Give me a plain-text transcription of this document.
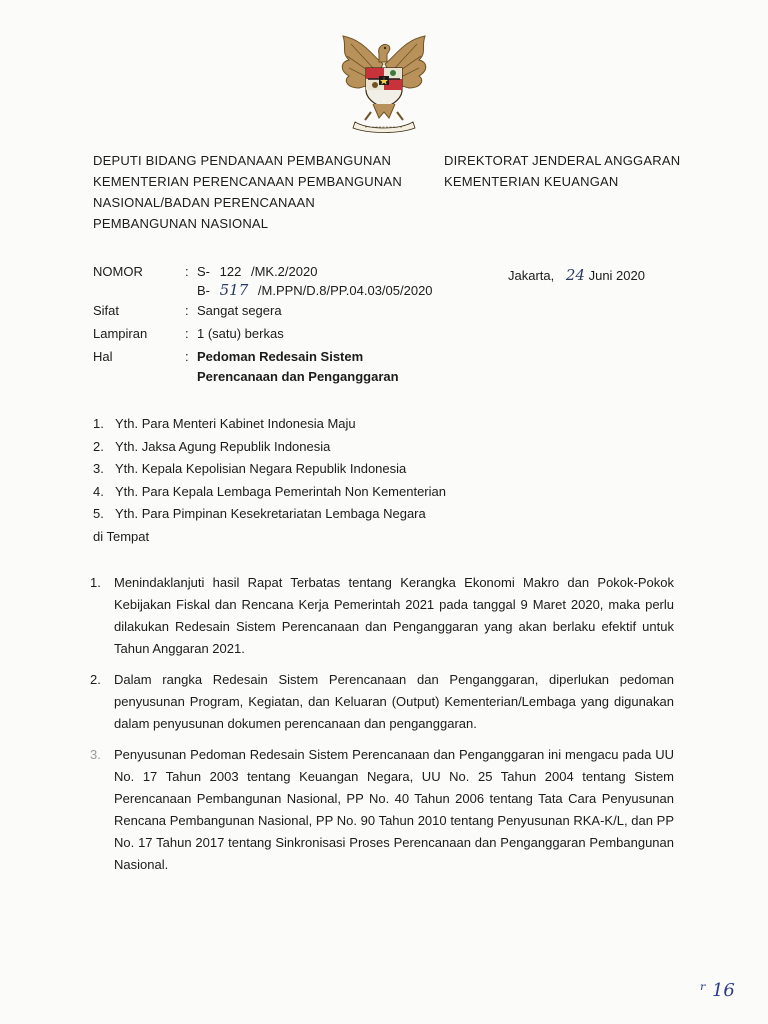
DEPUTI BIDANG PENDANAAN PEMBANGUNAN
KEMENTERIAN PERENCANAAN PEMBANGUNAN
NASIONAL/BADAN PERENCANAAN
PEMBANGUNAN NASIONAL
DIREKTORAT JENDERAL ANGGARAN
KEMENTERIAN KEUANGAN
NOMOR	: S- 122 /MK.2/2020
B- 517 /M.PPN/D.8/PP.04.03/05/2020
Sifat	: Sangat segera
Lampiran	: 1 (satu) berkas
Hal	: Pedoman Redesain Sistem
Perencanaan dan Penganggaran
Jakarta, 24 Juni 2020
1. Yth. Para Menteri Kabinet Indonesia Maju
2. Yth. Jaksa Agung Republik Indonesia
3. Yth. Kepala Kepolisian Negara Republik Indonesia
4. Yth. Para Kepala Lembaga Pemerintah Non Kementerian
5. Yth. Para Pimpinan Kesekretariatan Lembaga Negara
di Tempat
1. Menindaklanjuti hasil Rapat Terbatas tentang Kerangka Ekonomi Makro dan Pokok-Pokok Kebijakan Fiskal dan Rencana Kerja Pemerintah 2021 pada tanggal 9 Maret 2020, maka perlu dilakukan Redesain Sistem Perencanaan dan Penganggaran yang akan berlaku efektif untuk Tahun Anggaran 2021.
2. Dalam rangka Redesain Sistem Perencanaan dan Penganggaran, diperlukan pedoman penyusunan Program, Kegiatan, dan Keluaran (Output) Kementerian/Lembaga yang digunakan dalam penyusunan dokumen perencanaan dan penganggaran.
3. Penyusunan Pedoman Redesain Sistem Perencanaan dan Penganggaran ini mengacu pada UU No. 17 Tahun 2003 tentang Keuangan Negara, UU No. 25 Tahun 2004 tentang Sistem Perencanaan Pembangunan Nasional, PP No. 40 Tahun 2006 tentang Tata Cara Penyusunan Rencana Pembangunan Nasional, PP No. 90 Tahun 2010 tentang Penyusunan RKA-K/L, dan PP No. 17 Tahun 2017 tentang Sinkronisasi Proses Perencanaan dan Penganggaran Pembangunan Nasional.
ʳ 16
